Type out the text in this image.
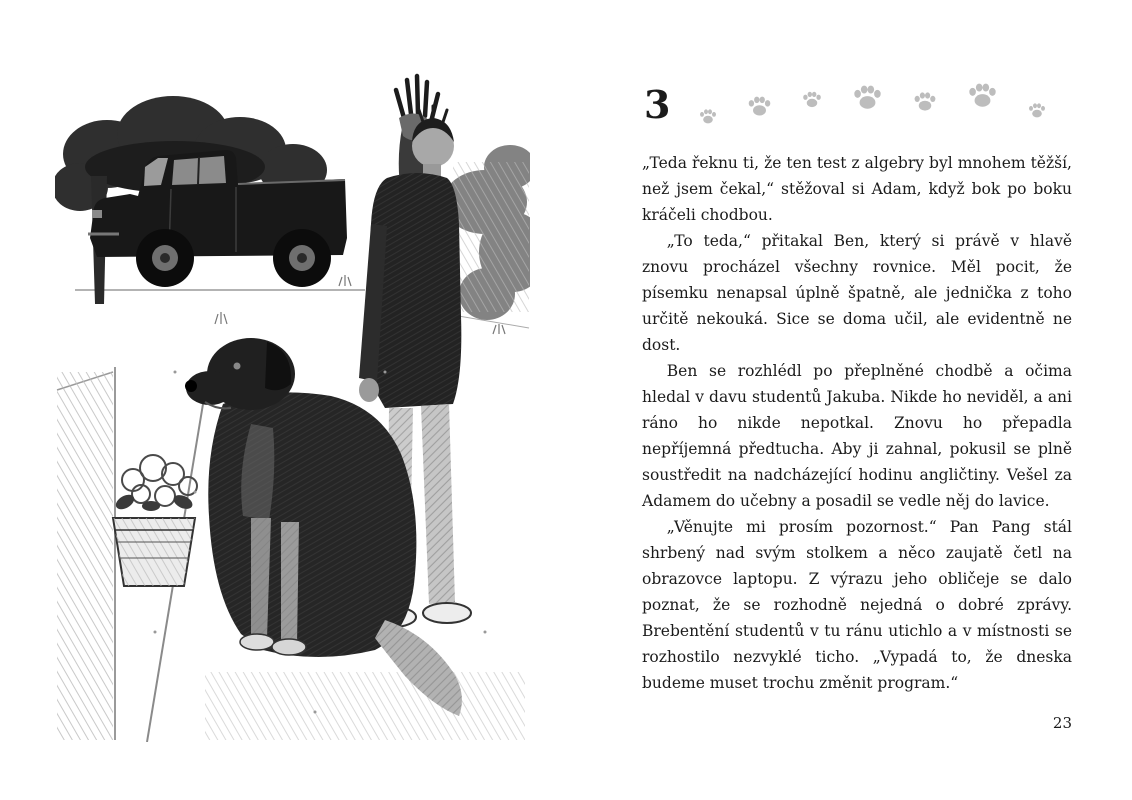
3

„Teda řeknu ti, že ten test z algebry byl mnohem těžší, než jsem čekal,“ stěžoval si Adam, když bok po boku kráčeli chodbou.

„To teda,“ přitakal Ben, který si právě v hlavě znovu procházel všechny rovnice. Měl pocit, že písemku nenapsal úplně špatně, ale jednička z toho určitě nekouká. Sice se doma učil, ale evidentně ne dost.

Ben se rozhlédl po přeplněné chodbě a očima hledal v davu studentů Jakuba. Nikde ho neviděl, a ani ráno ho nikde nepotkal. Znovu ho přepadla nepříjemná předtucha. Aby ji zahnal, pokusil se plně soustředit na nadcházející hodinu angličtiny. Vešel za Adamem do učebny a posadil se vedle něj do lavice.

„Věnujte mi prosím pozornost.“ Pan Pang stál shrbený nad svým stolkem a něco zaujatě četl na obrazovce laptopu. Z výrazu jeho obličeje se dalo poznat, že se rozhodně nejedná o dobré zprávy. Brebentění studentů v tu ránu utichlo a v místnosti se rozhostilo nezvyklé ticho. „Vypadá to, že dneska budeme muset trochu změnit program.“

23
